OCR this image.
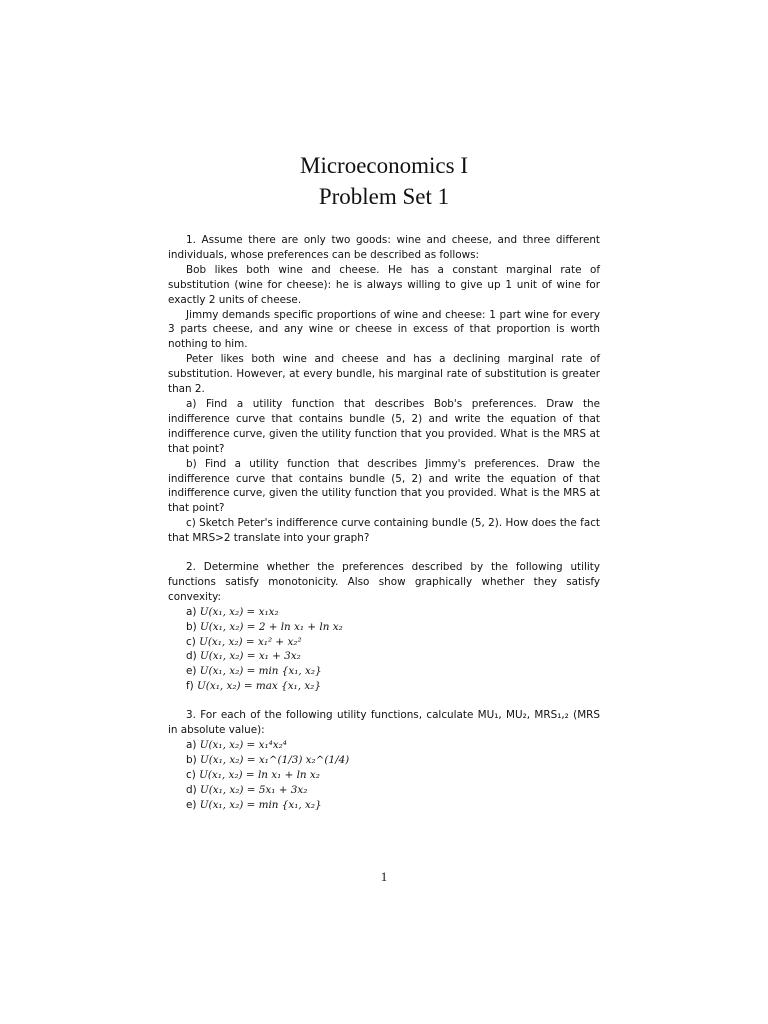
Microeconomics I
Problem Set 1

1. Assume there are only two goods: wine and cheese, and three different individuals, whose preferences can be described as follows:

Bob likes both wine and cheese. He has a constant marginal rate of substitution (wine for cheese): he is always willing to give up 1 unit of wine for exactly 2 units of cheese.

Jimmy demands specific proportions of wine and cheese: 1 part wine for every 3 parts cheese, and any wine or cheese in excess of that proportion is worth nothing to him.

Peter likes both wine and cheese and has a declining marginal rate of substitution. However, at every bundle, his marginal rate of substitution is greater than 2.

a) Find a utility function that describes Bob's preferences. Draw the indifference curve that contains bundle (5, 2) and write the equation of that indifference curve, given the utility function that you provided. What is the MRS at that point?

b) Find a utility function that describes Jimmy's preferences. Draw the indifference curve that contains bundle (5, 2) and write the equation of that indifference curve, given the utility function that you provided. What is the MRS at that point?

c) Sketch Peter's indifference curve containing bundle (5, 2). How does the fact that MRS>2 translate into your graph?

2. Determine whether the preferences described by the following utility functions satisfy monotonicity. Also show graphically whether they satisfy convexity:

a) U(x₁, x₂) = x₁x₂
b) U(x₁, x₂) = 2 + ln x₁ + ln x₂
c) U(x₁, x₂) = x₁² + x₂²
d) U(x₁, x₂) = x₁ + 3x₂
e) U(x₁, x₂) = min {x₁, x₂}
f) U(x₁, x₂) = max {x₁, x₂}

3. For each of the following utility functions, calculate MU₁, MU₂, MRS₁,₂ (MRS in absolute value):

a) U(x₁, x₂) = x₁⁴x₂⁴
b) U(x₁, x₂) = x₁^(1/3) x₂^(1/4)
c) U(x₁, x₂) = ln x₁ + ln x₂
d) U(x₁, x₂) = 5x₁ + 3x₂
e) U(x₁, x₂) = min {x₁, x₂}
1
